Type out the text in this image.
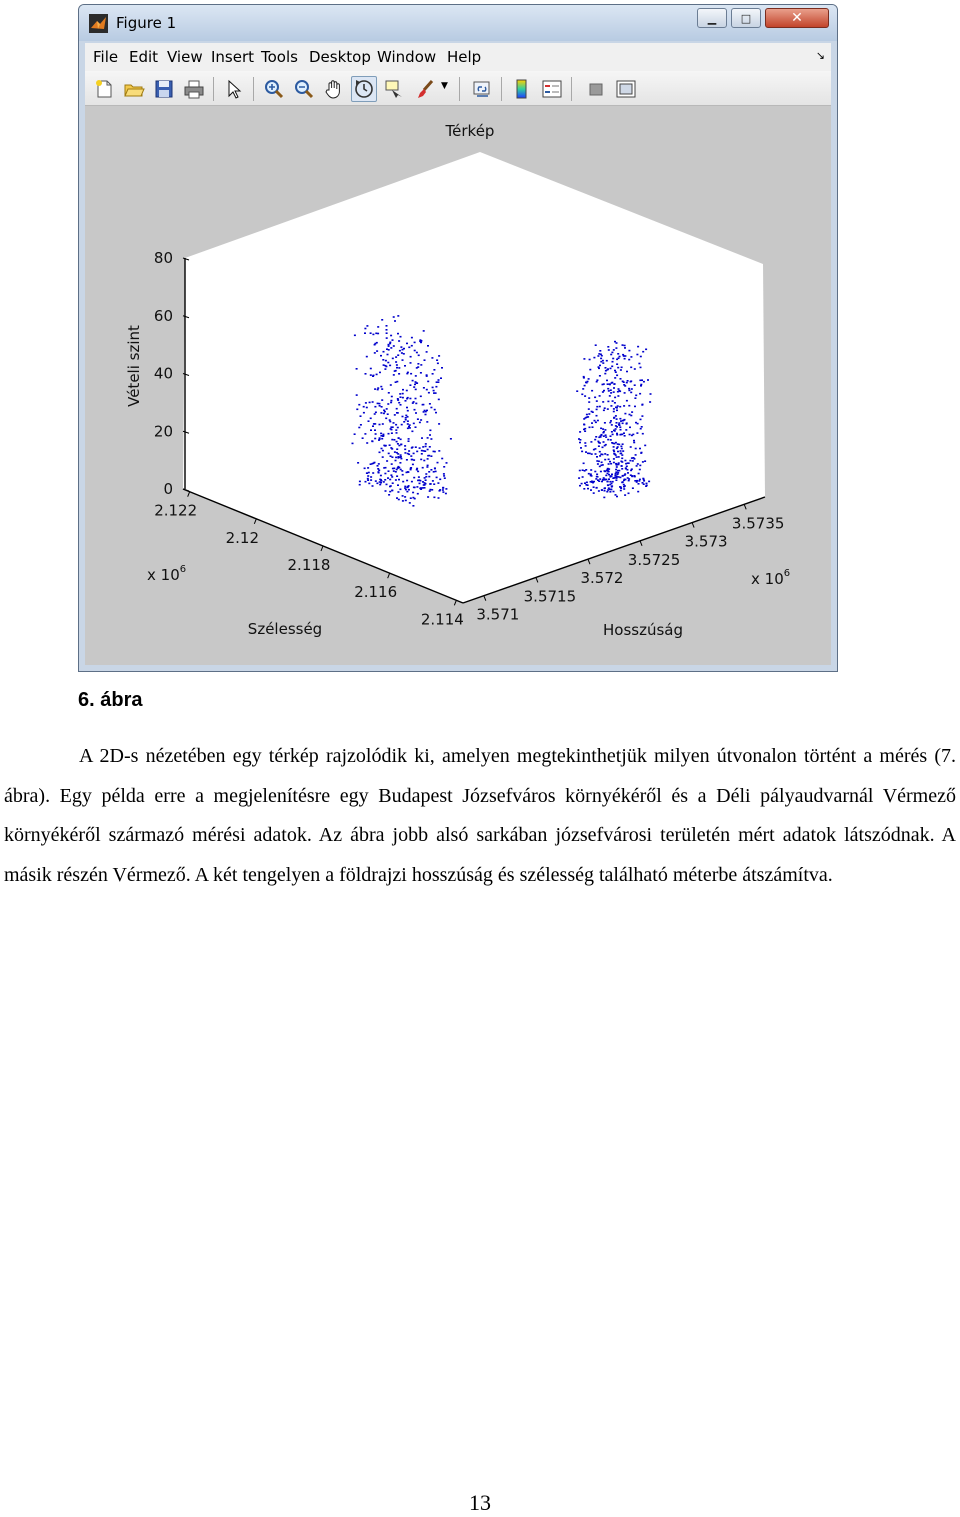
Figure 1	▁ □	✕
File Edit View Insert Tools Desktop Window Help	↘
▼
0
20
40
60
80
2.122
2.12
2.118
2.116
2.114 3.571
3.5715
3.572
3.5725
3.573
3.5735
Térkép
Vételi szint
Szélesség	Hosszúság
x $10^6$
x $10^6$
6. ábra
A 2D-s nézetében egy térkép rajzolódik ki, amelyen megtekinthetjük milyen útvonalon történt a mérés (7. ábra). Egy példa erre a megjelenítésre egy Budapest Józsefváros környékéről és a Déli pályaudvarnál Vérmező környékéről származó mérési adatok. Az ábra jobb alsó sarkában józsefvárosi területén mért adatok látszódnak. A másik részén Vérmező. A két tengelyen a földrajzi hosszúság és szélesség található méterbe átszámítva.
13
